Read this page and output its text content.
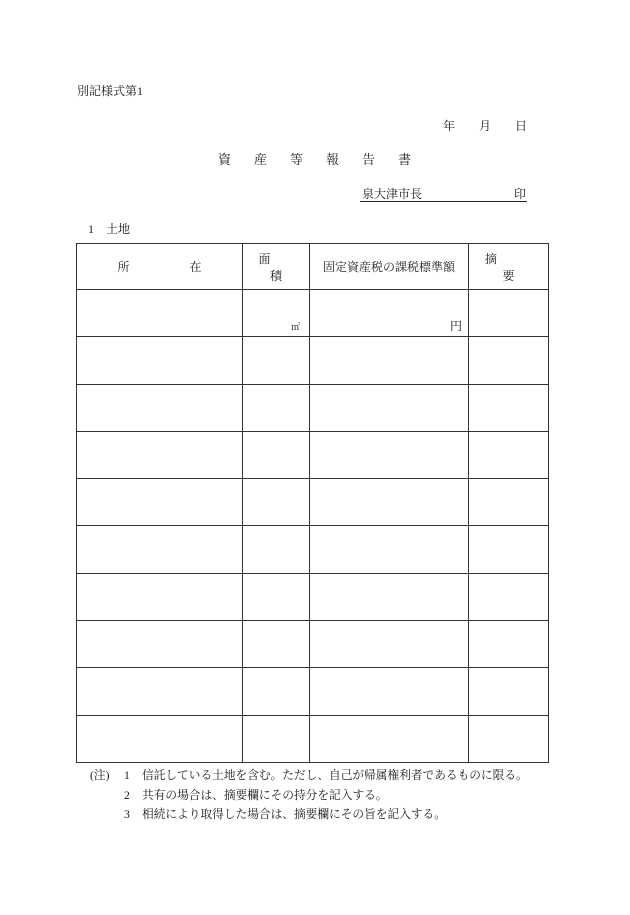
別記様式第1
年 月 日
資産等報告書
泉大津市長	印
1 土地
所在	面積	固定資産税の課税標準額	摘要

	㎡	円	

(注)	1	信託している土地を含む。ただし、自己が帰属権利者であるものに限る。
2	共有の場合は、摘要欄にその持分を記入する。
3	相続により取得した場合は、摘要欄にその旨を記入する。
